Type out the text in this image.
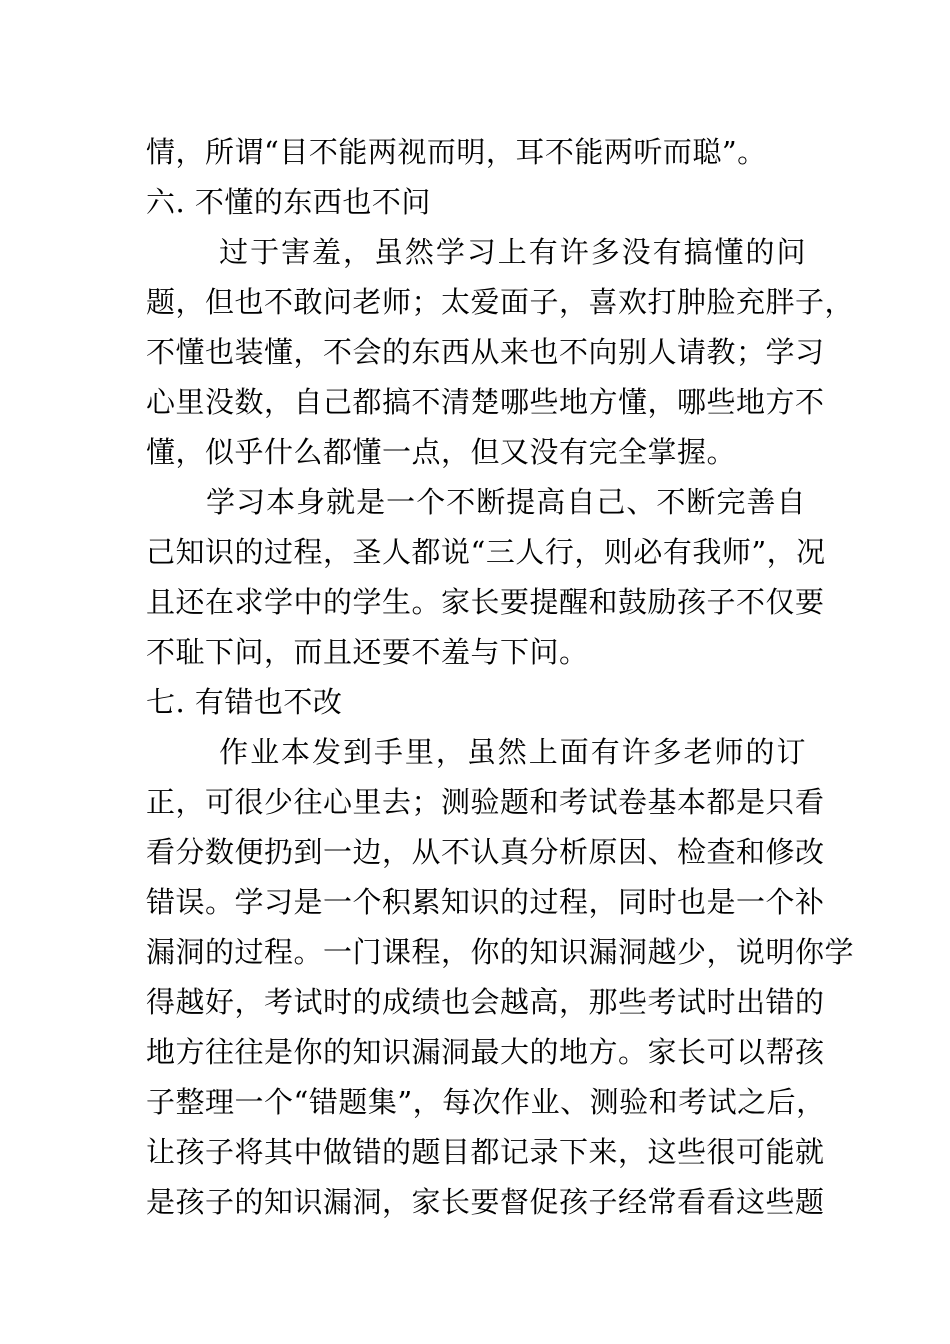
情，所谓“目不能两视而明，耳不能两听而聪”。
六. 不懂的东西也不问
　　 过于害羞，虽然学习上有许多没有搞懂的问
题，但也不敢问老师；太爱面子，喜欢打肿脸充胖子，
不懂也装懂，不会的东西从来也不向别人请教；学习
心里没数，自己都搞不清楚哪些地方懂，哪些地方不
懂，似乎什么都懂一点，但又没有完全掌握。
　　学习本身就是一个不断提高自己、不断完善自
己知识的过程，圣人都说“三人行，则必有我师”，况
且还在求学中的学生。家长要提醒和鼓励孩子不仅要
不耻下问，而且还要不羞与下问。
七. 有错也不改
　　 作业本发到手里，虽然上面有许多老师的订
正，可很少往心里去；测验题和考试卷基本都是只看
看分数便扔到一边，从不认真分析原因、检查和修改
错误。学习是一个积累知识的过程，同时也是一个补
漏洞的过程。一门课程，你的知识漏洞越少，说明你学
得越好，考试时的成绩也会越高，那些考试时出错的
地方往往是你的知识漏洞最大的地方。家长可以帮孩
子整理一个“错题集”，每次作业、测验和考试之后，
让孩子将其中做错的题目都记录下来，这些很可能就
是孩子的知识漏洞，家长要督促孩子经常看看这些题
